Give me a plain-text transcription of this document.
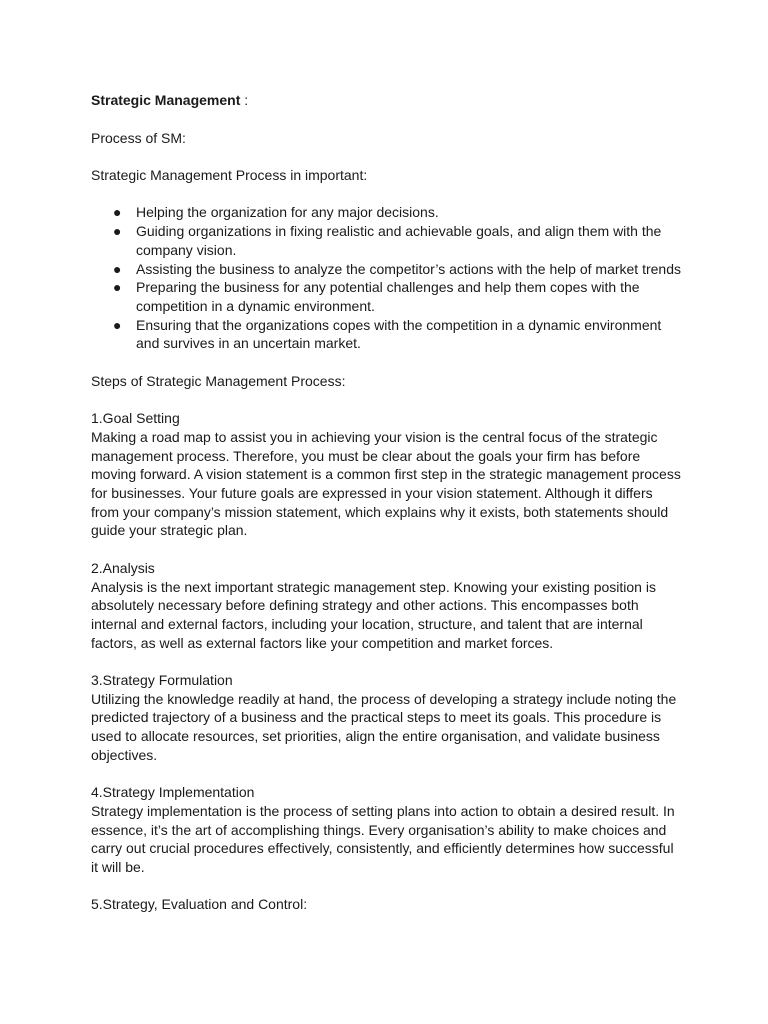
Strategic Management :

Process of SM:

Strategic Management Process in important:

● Helping the organization for any major decisions.
● Guiding organizations in fixing realistic and achievable goals, and align them with the company vision.
● Assisting the business to analyze the competitor’s actions with the help of market trends
● Preparing the business for any potential challenges and help them copes with the competition in a dynamic environment.
● Ensuring that the organizations copes with the competition in a dynamic environment and survives in an uncertain market.

Steps of Strategic Management Process:

1.Goal Setting

Making a road map to assist you in achieving your vision is the central focus of the strategic management process. Therefore, you must be clear about the goals your firm has before moving forward. A vision statement is a common first step in the strategic management process for businesses. Your future goals are expressed in your vision statement. Although it differs from your company’s mission statement, which explains why it exists, both statements should guide your strategic plan.

2.Analysis

Analysis is the next important strategic management step. Knowing your existing position is absolutely necessary before defining strategy and other actions. This encompasses both internal and external factors, including your location, structure, and talent that are internal factors, as well as external factors like your competition and market forces.

3.Strategy Formulation

Utilizing the knowledge readily at hand, the process of developing a strategy include noting the predicted trajectory of a business and the practical steps to meet its goals. This procedure is used to allocate resources, set priorities, align the entire organisation, and validate business objectives.

4.Strategy Implementation

Strategy implementation is the process of setting plans into action to obtain a desired result. In essence, it’s the art of accomplishing things. Every organisation’s ability to make choices and carry out crucial procedures effectively, consistently, and efficiently determines how successful it will be.

5.Strategy, Evaluation and Control:
